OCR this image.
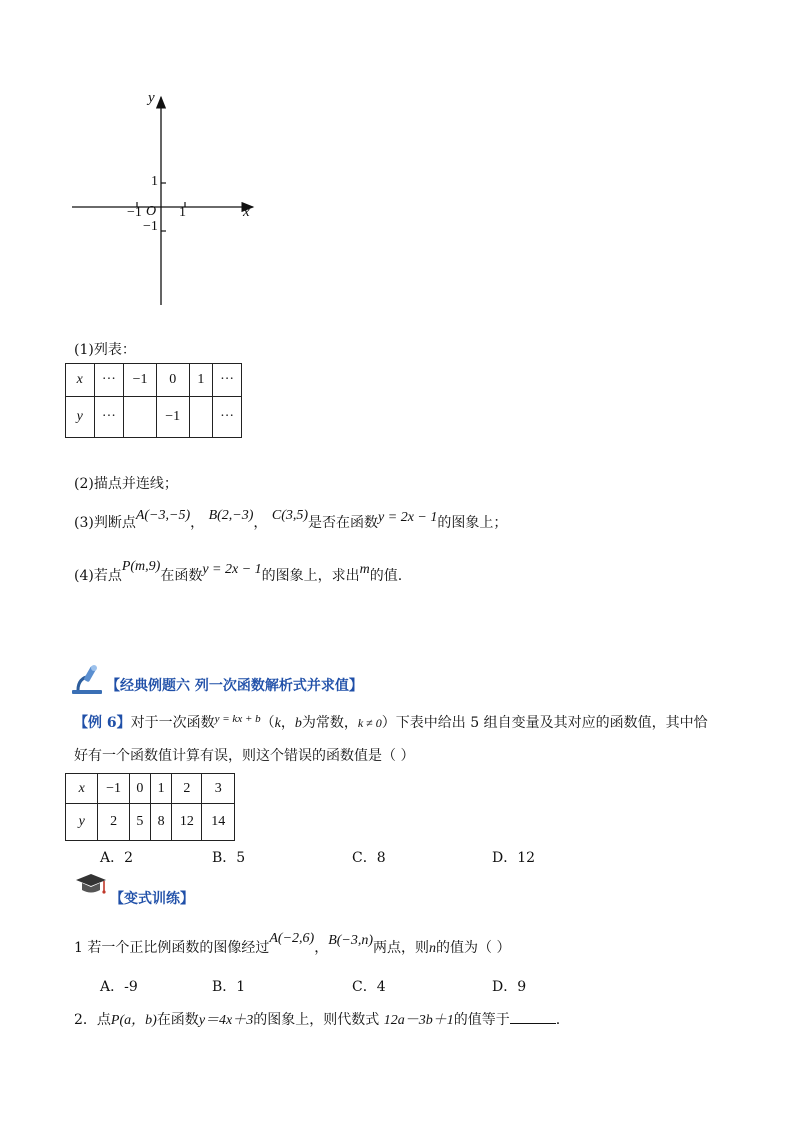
y
x
1
−1 O 1
−1
(1)列表：
x	···	−1	0	1	···
y	···		−1		···
(2)描点并连线；
(3)判断点A(−3,−5)， B(2,−3)， C(3,5)是否在函数y = 2x − 1的图象上；
(4)若点P(m,9)在函数y = 2x − 1的图象上，求出m的值.
【经典例题六 列一次函数解析式并求值】
【例 6】对于一次函数$^{y = kx + b}$（k，b为常数，k ≠ 0）下表中给出 5 组自变量及其对应的函数值，其中恰
好有一个函数值计算有误，则这个错误的函数值是（ ）
x	−1	0	1	2	3
y	2	5	8	12	14
A．2	B．5	C．8	D．12
【变式训练】
1 若一个正比例函数的图像经过A(−2,6)，B(−3,n)两点，则n的值为（ ）
A．-9	B．1	C．4	D．9
2．点P(a，b)在函数y＝4x＋3的图象上，则代数式 12a－3b＋1的值等于	.
